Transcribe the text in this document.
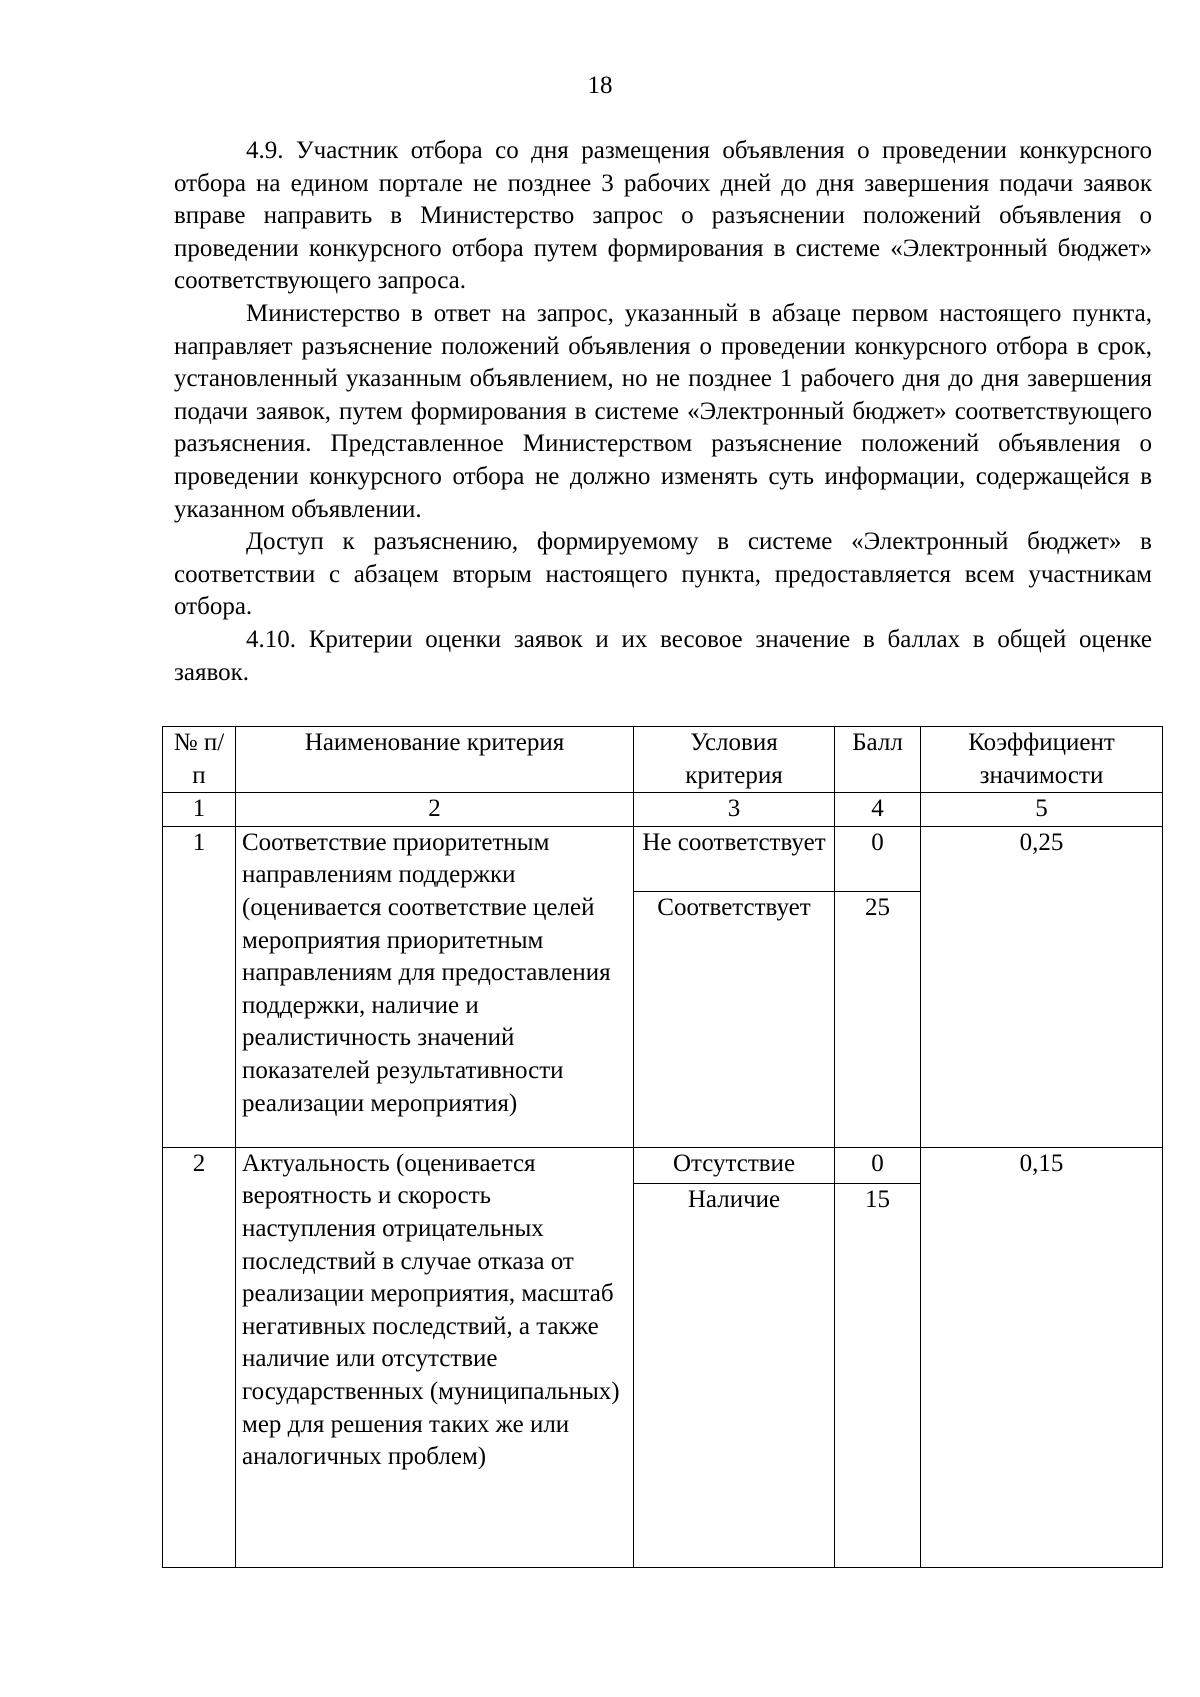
18

4.9. Участник отбора со дня размещения объявления о проведении конкурсного отбора на едином портале не позднее 3 рабочих дней до дня завершения подачи заявок вправе направить в Министерство запрос о разъяснении положений объявления о проведении конкурсного отбора путем формирования в системе «Электронный бюджет» соответствующего запроса.

Министерство в ответ на запрос, указанный в абзаце первом настоящего пункта, направляет разъяснение положений объявления о проведении конкурсного отбора в срок, установленный указанным объявлением, но не позднее 1 рабочего дня до дня завершения подачи заявок, путем формирования в системе «Электронный бюджет» соответствующего разъяснения. Представленное Министерством разъяснение положений объявления о проведении конкурсного отбора не должно изменять суть информации, содержащейся в указанном объявлении.

Доступ к разъяснению, формируемому в системе «Электронный бюджет» в соответствии с абзацем вторым настоящего пункта, предоставляется всем участникам отбора.

4.10. Критерии оценки заявок и их весовое значение в баллах в общей оценке заявок.

№ п/п	Наименование критерия	Условия критерия	Балл	Коэффициент значимости
1	2	3	4	5
1	Соответствие приоритетным направлениям поддержки (оценивается соответствие целей мероприятия приоритетным направлениям для предоставления поддержки, наличие и реалистичность значений показателей результативности реализации мероприятия)	Не соответствует	0	0,25
		Соответствует	25	
2	Актуальность (оценивается вероятность и скорость наступления отрицательных последствий в случае отказа от реализации мероприятия, масштаб негативных последствий, а также наличие или отсутствие государственных (муниципальных) мер для решения таких же или аналогичных проблем)	Отсутствие	0	0,15
		Наличие	15	
